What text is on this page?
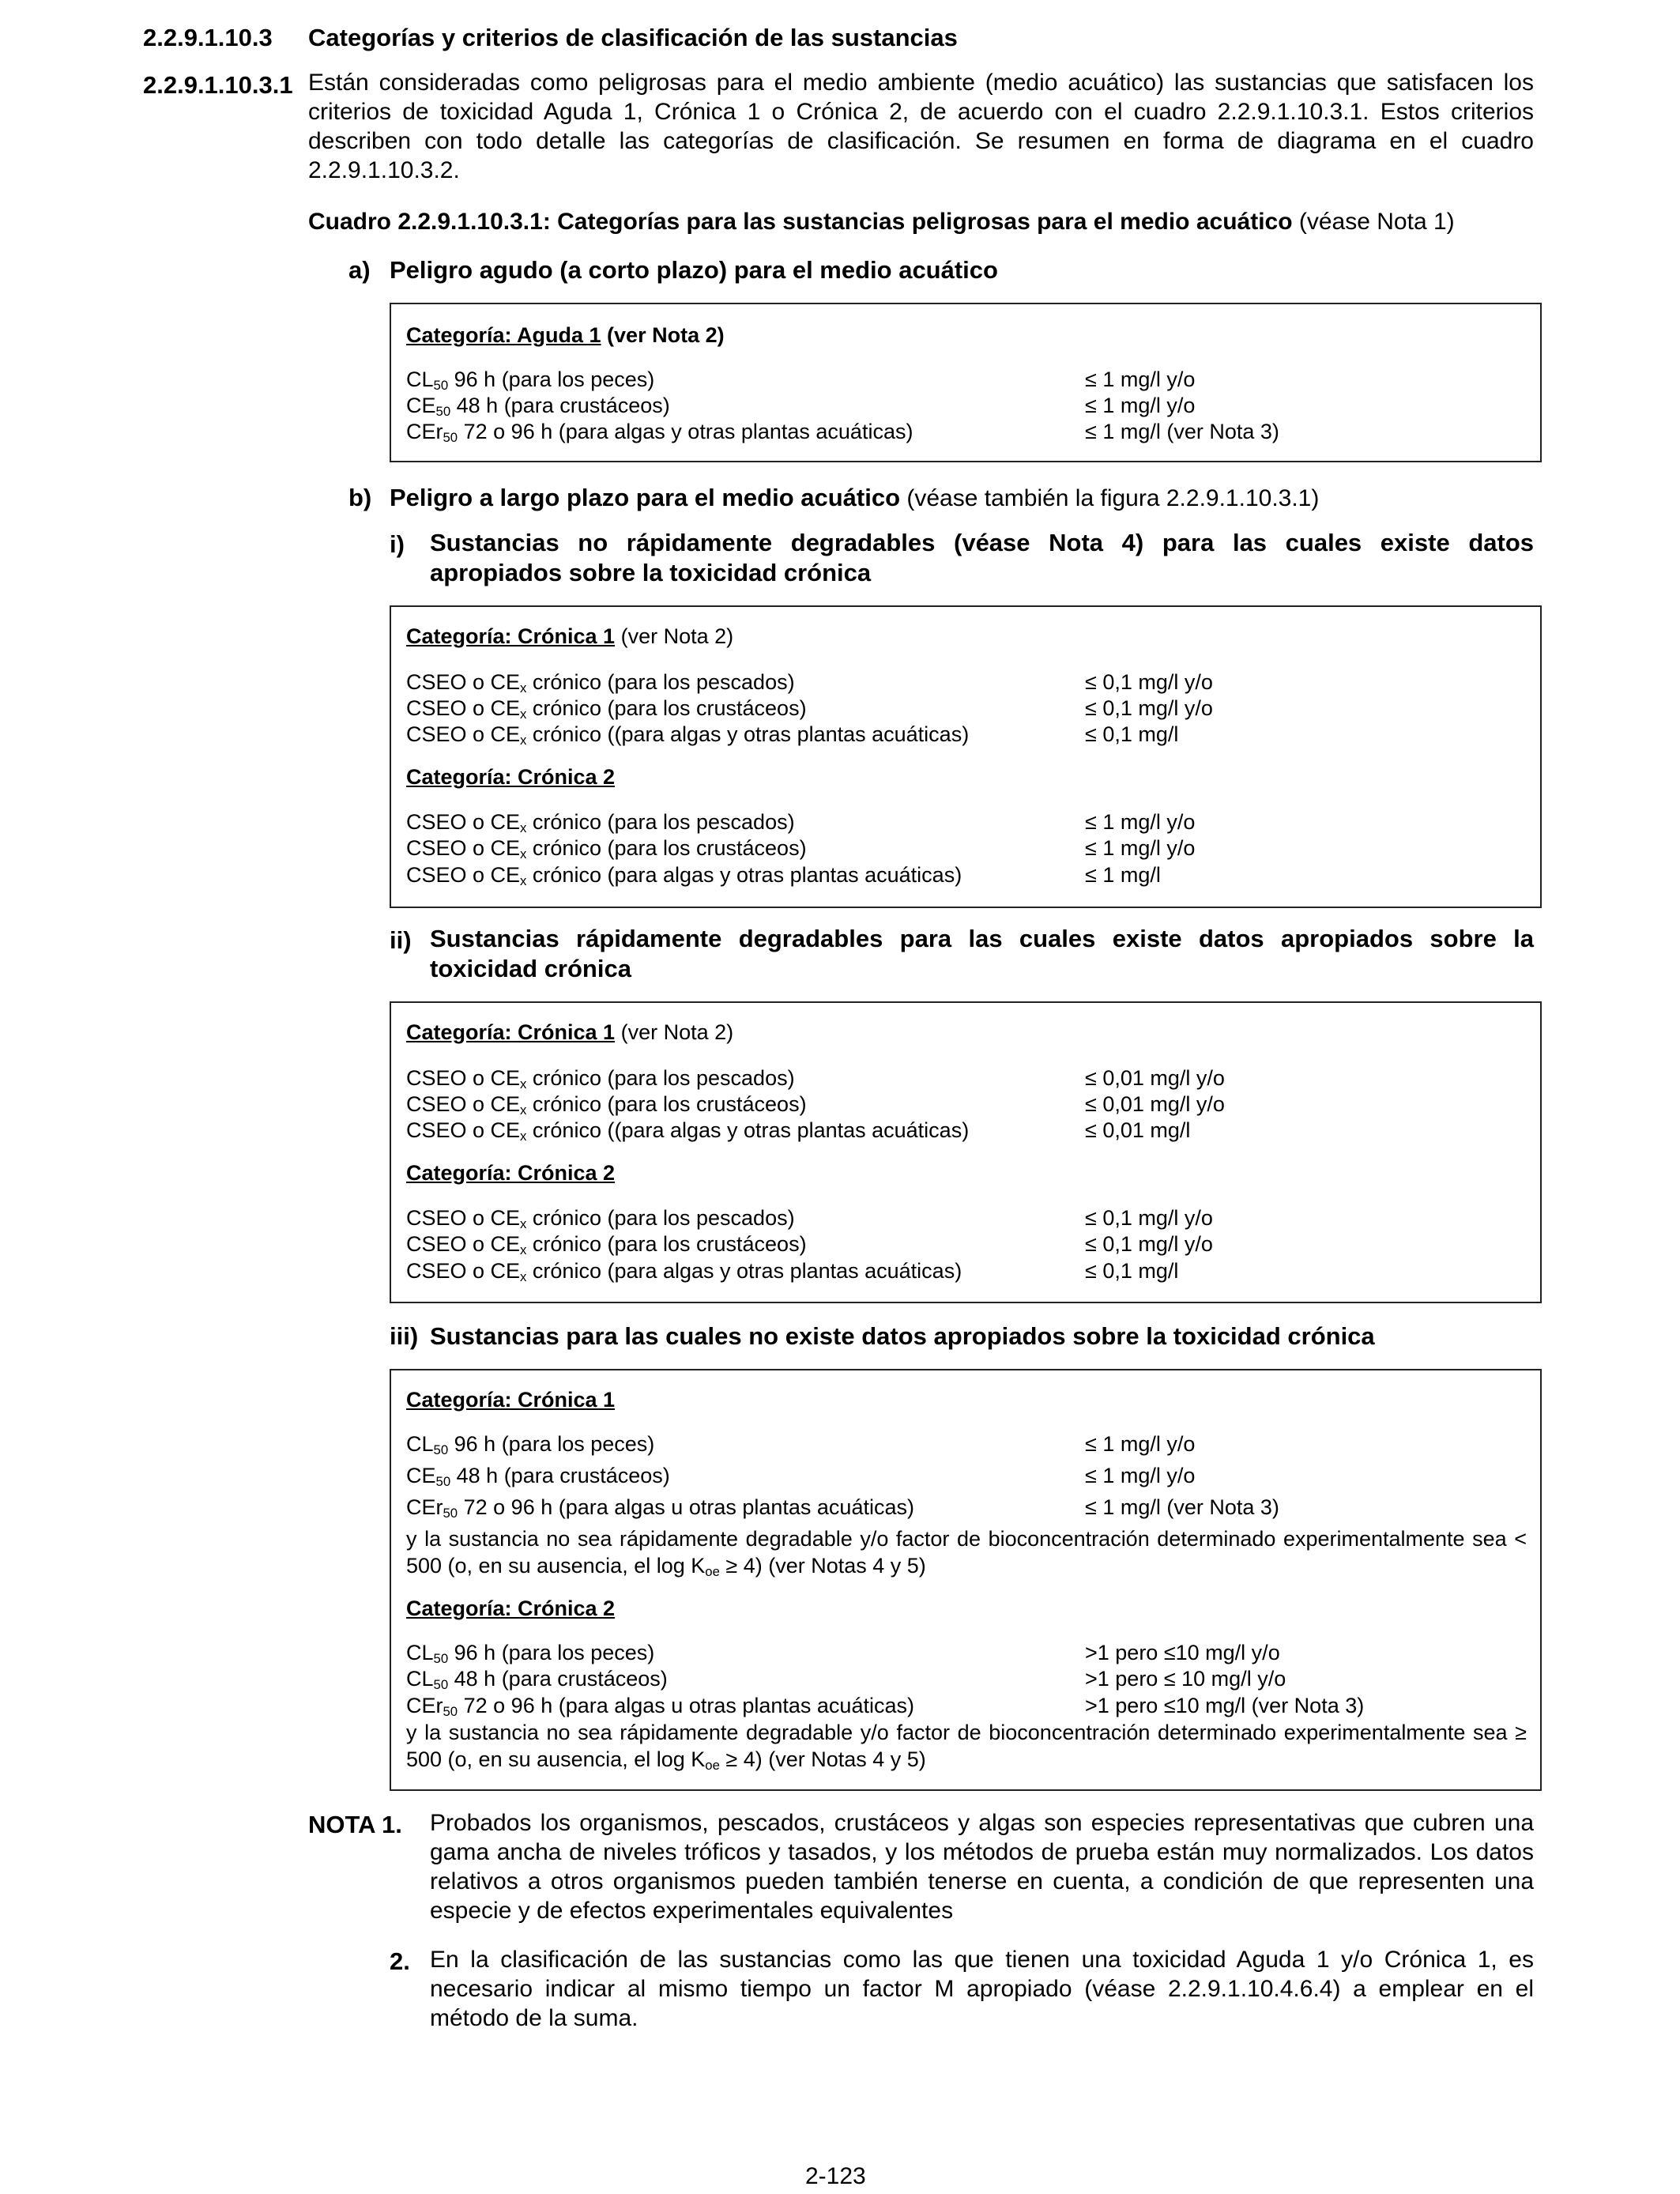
2.2.9.1.10.3 Categorías y criterios de clasificación de las sustancias
2.2.9.1.10.3.1 Están consideradas como peligrosas para el medio ambiente (medio acuático) las sustancias que satisfacen los criterios de toxicidad Aguda 1, Crónica 1 o Crónica 2, de acuerdo con el cuadro 2.2.9.1.10.3.1. Estos criterios describen con todo detalle las categorías de clasificación. Se resumen en forma de diagrama en el cuadro 2.2.9.1.10.3.2.
Cuadro 2.2.9.1.10.3.1: Categorías para las sustancias peligrosas para el medio acuático (véase Nota 1)
a) Peligro agudo (a corto plazo) para el medio acuático
Categoría: Aguda 1 (ver Nota 2)
$CL_{50}$ 96 h (para los peces)	≤ 1 mg/l y/o
$CE_{50}$ 48 h (para crustáceos)	≤ 1 mg/l y/o
CEr$_{50}$ 72 o 96 h (para algas y otras plantas acuáticas)	≤ 1 mg/l (ver Nota 3)
b) Peligro a largo plazo para el medio acuático (véase también la figura 2.2.9.1.10.3.1)
i) Sustancias no rápidamente degradables (véase Nota 4) para las cuales existe datos apropiados sobre la toxicidad crónica
Categoría: Crónica 1 (ver Nota 2)
CSEO o $CE_x$ crónico (para los pescados)	≤ 0,1 mg/l y/o
CSEO o $CE_x$ crónico (para los crustáceos)	≤ 0,1 mg/l y/o
CSEO o $CE_x$ crónico ((para algas y otras plantas acuáticas)	≤ 0,1 mg/l
Categoría: Crónica 2
CSEO o $CE_x$ crónico (para los pescados)	≤ 1 mg/l y/o
CSEO o $CE_x$ crónico (para los crustáceos)	≤ 1 mg/l y/o
CSEO o $CE_x$ crónico (para algas y otras plantas acuáticas)	≤ 1 mg/l
ii) Sustancias rápidamente degradables para las cuales existe datos apropiados sobre la toxicidad crónica
Categoría: Crónica 1 (ver Nota 2)
CSEO o $CE_x$ crónico (para los pescados)	≤ 0,01 mg/l y/o
CSEO o $CE_x$ crónico (para los crustáceos)	≤ 0,01 mg/l y/o
CSEO o $CE_x$ crónico ((para algas y otras plantas acuáticas)	≤ 0,01 mg/l
Categoría: Crónica 2
CSEO o $CE_x$ crónico (para los pescados)	≤ 0,1 mg/l y/o
CSEO o $CE_x$ crónico (para los crustáceos)	≤ 0,1 mg/l y/o
CSEO o $CE_x$ crónico (para algas y otras plantas acuáticas)	≤ 0,1 mg/l
iii) Sustancias para las cuales no existe datos apropiados sobre la toxicidad crónica
Categoría: Crónica 1
$CL_{50}$ 96 h (para los peces)	≤ 1 mg/l y/o
$CE_{50}$ 48 h (para crustáceos)	≤ 1 mg/l y/o
CEr$_{50}$ 72 o 96 h (para algas u otras plantas acuáticas)	≤ 1 mg/l (ver Nota 3)
y la sustancia no sea rápidamente degradable y/o factor de bioconcentración determinado experimentalmente sea < 500 (o, en su ausencia, el $\log K_{oe} \ge 4$) (ver Notas 4 y 5)
Categoría: Crónica 2
$CL_{50}$ 96 h (para los peces)	>1 pero ≤10 mg/l y/o
$CL_{50}$ 48 h (para crustáceos)	>1 pero ≤ 10 mg/l y/o
CEr$_{50}$ 72 o 96 h (para algas u otras plantas acuáticas)	>1 pero ≤10 mg/l (ver Nota 3)
y la sustancia no sea rápidamente degradable y/o factor de bioconcentración determinado experimentalmente sea ≥ 500 (o, en su ausencia, el $\log K_{oe} \ge 4$) (ver Notas 4 y 5)
NOTA 1. Probados los organismos, pescados, crustáceos y algas son especies representativas que cubren una gama ancha de niveles tróficos y tasados, y los métodos de prueba están muy normalizados. Los datos relativos a otros organismos pueden también tenerse en cuenta, a condición de que representen una especie y de efectos experimentales equivalentes
2. En la clasificación de las sustancias como las que tienen una toxicidad Aguda 1 y/o Crónica 1, es necesario indicar al mismo tiempo un factor M apropiado (véase 2.2.9.1.10.4.6.4) a emplear en el método de la suma.
2-123
